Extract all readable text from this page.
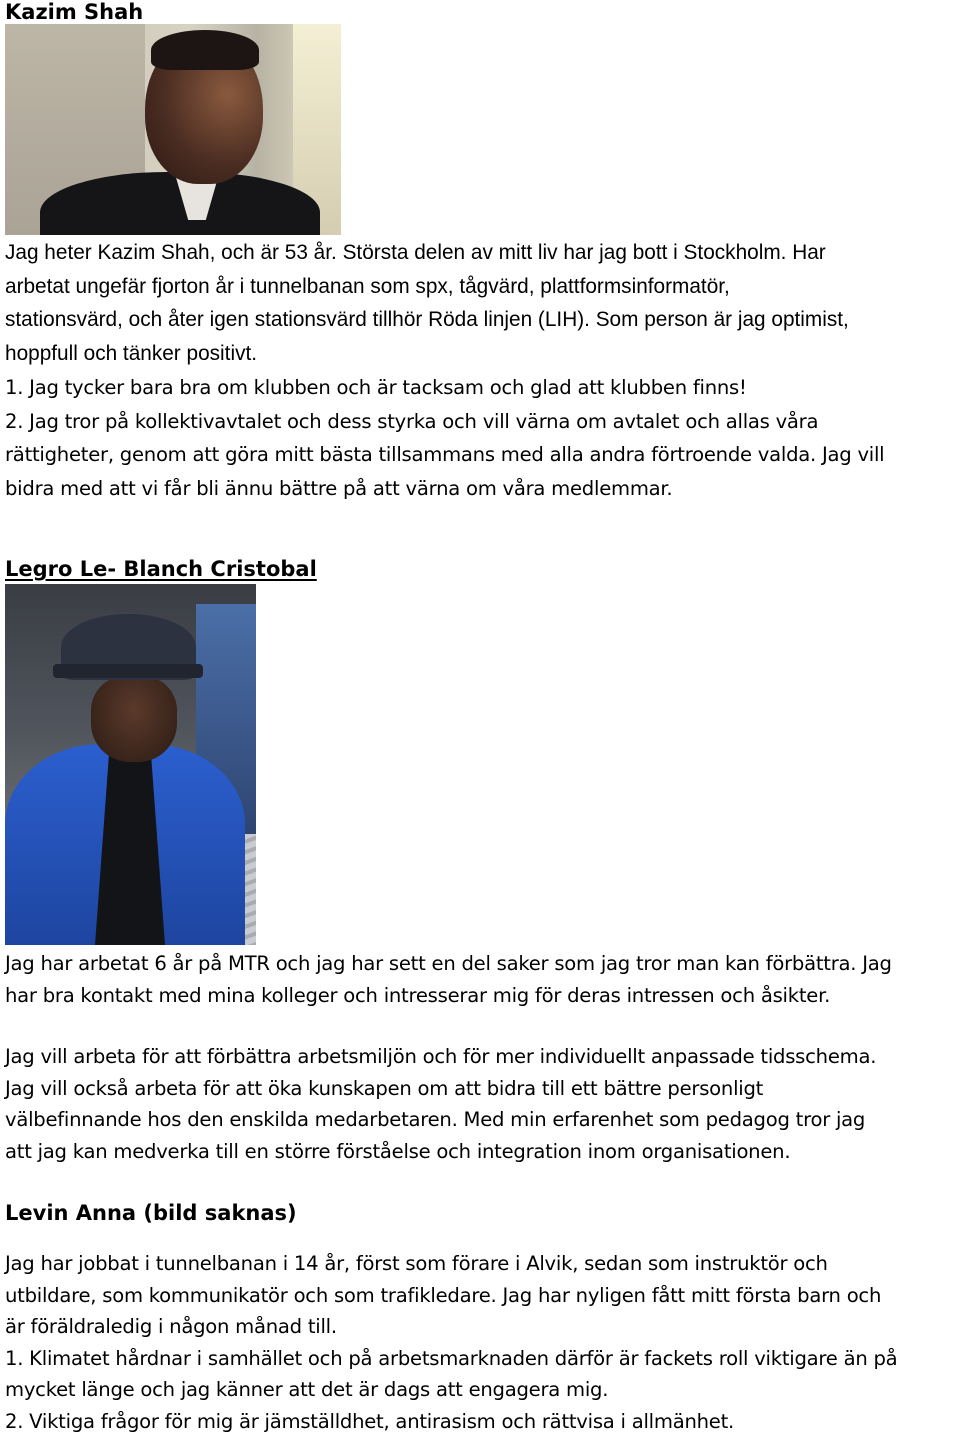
Kazim Shah
Jag heter Kazim Shah, och är 53 år. Största delen av mitt liv har jag bott i Stockholm. Har
arbetat ungefär fjorton år i tunnelbanan som spx, tågvärd, plattformsinformatör,
stationsvärd, och åter igen stationsvärd tillhör Röda linjen (LIH). Som person är jag optimist,
hoppfull och tänker positivt.
1. Jag tycker bara bra om klubben och är tacksam och glad att klubben finns!
2. Jag tror på kollektivavtalet och dess styrka och vill värna om avtalet och allas våra
rättigheter, genom att göra mitt bästa tillsammans med alla andra förtroende valda. Jag vill
bidra med att vi får bli ännu bättre på att värna om våra medlemmar.
Legro Le- Blanch Cristobal
Jag har arbetat 6 år på MTR och jag har sett en del saker som jag tror man kan förbättra. Jag
har bra kontakt med mina kolleger och intresserar mig för deras intressen och åsikter.
Jag vill arbeta för att förbättra arbetsmiljön och för mer individuellt anpassade tidsschema.
Jag vill också arbeta för att öka kunskapen om att bidra till ett bättre personligt
välbefinnande hos den enskilda medarbetaren. Med min erfarenhet som pedagog tror jag
att jag kan medverka till en större förståelse och integration inom organisationen.
Levin Anna (bild saknas)
Jag har jobbat i tunnelbanan i 14 år, först som förare i Alvik, sedan som instruktör och
utbildare, som kommunikatör och som trafikledare. Jag har nyligen fått mitt första barn och
är föräldraledig i någon månad till.
1. Klimatet hårdnar i samhället och på arbetsmarknaden därför är fackets roll viktigare än på
mycket länge och jag känner att det är dags att engagera mig.
2. Viktiga frågor för mig är jämställdhet, antirasism och rättvisa i allmänhet.
